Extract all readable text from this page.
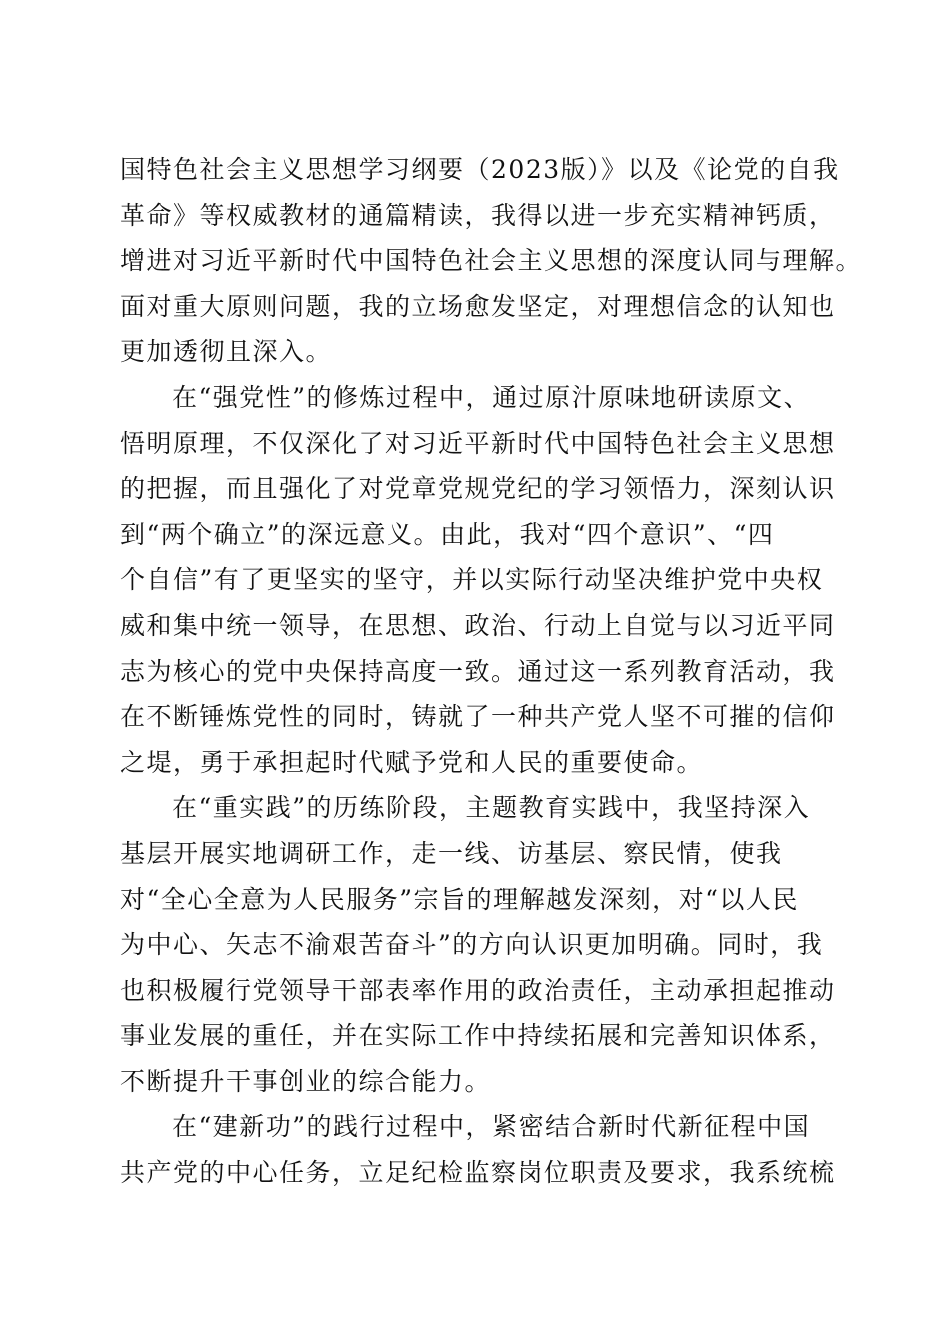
国特色社会主义思想学习纲要（2023版）》以及《论党的自我
革命》等权威教材的通篇精读，我得以进一步充实精神钙质，
增进对习近平新时代中国特色社会主义思想的深度认同与理解。
面对重大原则问题，我的立场愈发坚定，对理想信念的认知也
更加透彻且深入。
在“强党性”的修炼过程中，通过原汁原味地研读原文、
悟明原理，不仅深化了对习近平新时代中国特色社会主义思想
的把握，而且强化了对党章党规党纪的学习领悟力，深刻认识
到“两个确立”的深远意义。由此，我对“四个意识”、“四
个自信”有了更坚实的坚守，并以实际行动坚决维护党中央权
威和集中统一领导，在思想、政治、行动上自觉与以习近平同
志为核心的党中央保持高度一致。通过这一系列教育活动，我
在不断锤炼党性的同时，铸就了一种共产党人坚不可摧的信仰
之堤，勇于承担起时代赋予党和人民的重要使命。
在“重实践”的历练阶段，主题教育实践中，我坚持深入
基层开展实地调研工作，走一线、访基层、察民情，使我
对“全心全意为人民服务”宗旨的理解越发深刻，对“以人民
为中心、矢志不渝艰苦奋斗”的方向认识更加明确。同时，我
也积极履行党领导干部表率作用的政治责任，主动承担起推动
事业发展的重任，并在实际工作中持续拓展和完善知识体系，
不断提升干事创业的综合能力。
在“建新功”的践行过程中，紧密结合新时代新征程中国
共产党的中心任务，立足纪检监察岗位职责及要求，我系统梳
